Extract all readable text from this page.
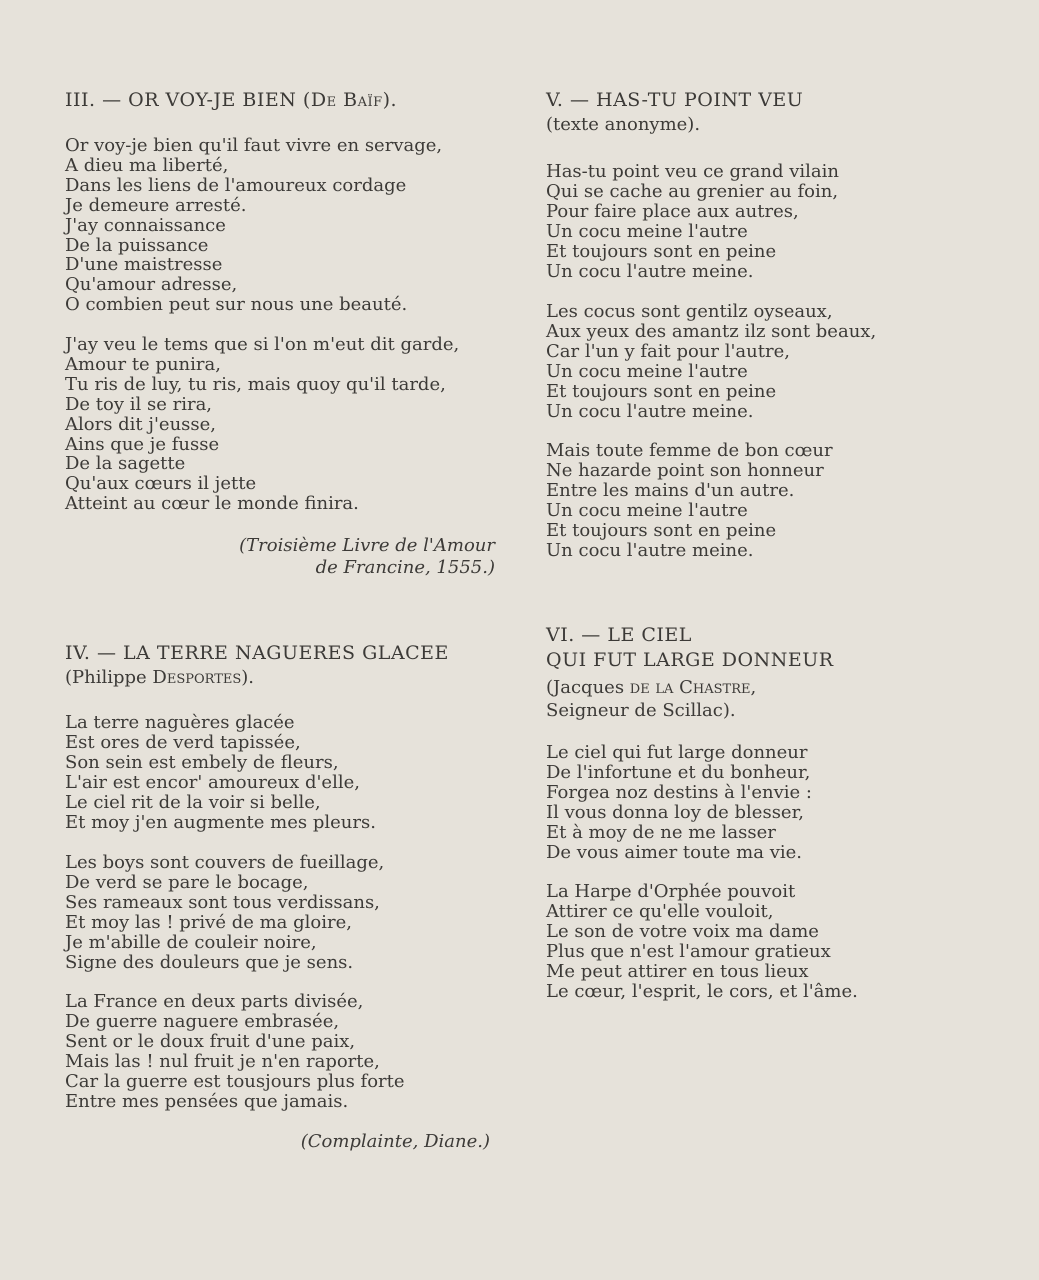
III. — OR VOY-JE BIEN (De Baïf).

Or voy-je bien qu'il faut vivre en servage,
A dieu ma liberté,
Dans les liens de l'amoureux cordage
Je demeure arresté.
J'ay connaissance
De la puissance
D'une maistresse
Qu'amour adresse,
O combien peut sur nous une beauté.
J'ay veu le tems que si l'on m'eut dit garde,
Amour te punira,
Tu ris de luy, tu ris, mais quoy qu'il tarde,
De toy il se rira,
Alors dit j'eusse,
Ains que je fusse
De la sagette
Qu'aux cœurs il jette
Atteint au cœur le monde finira.
(Troisième Livre de l'Amour
de Francine, 1555.)

IV. — LA TERRE NAGUERES GLACEE

(Philippe Desportes).

La terre naguères glacée
Est ores de verd tapissée,
Son sein est embely de fleurs,
L'air est encor' amoureux d'elle,
Le ciel rit de la voir si belle,
Et moy j'en augmente mes pleurs.
Les boys sont couvers de fueillage,
De verd se pare le bocage,
Ses rameaux sont tous verdissans,
Et moy las ! privé de ma gloire,
Je m'abille de couleir noire,
Signe des douleurs que je sens.
La France en deux parts divisée,
De guerre naguere embrasée,
Sent or le doux fruit d'une paix,
Mais las ! nul fruit je n'en raporte,
Car la guerre est tousjours plus forte
Entre mes pensées que jamais.
(Complainte, Diane.)

V. — HAS-TU POINT VEU

(texte anonyme).

Has-tu point veu ce grand vilain
Qui se cache au grenier au foin,
Pour faire place aux autres,
Un cocu meine l'autre
Et toujours sont en peine
Un cocu l'autre meine.
Les cocus sont gentilz oyseaux,
Aux yeux des amantz ilz sont beaux,
Car l'un y fait pour l'autre,
Un cocu meine l'autre
Et toujours sont en peine
Un cocu l'autre meine.
Mais toute femme de bon cœur
Ne hazarde point son honneur
Entre les mains d'un autre.
Un cocu meine l'autre
Et toujours sont en peine
Un cocu l'autre meine.

VI. — LE CIEL

QUI FUT LARGE DONNEUR

(Jacques de la Chastre,

Seigneur de Scillac).

Le ciel qui fut large donneur
De l'infortune et du bonheur,
Forgea noz destins à l'envie :
Il vous donna loy de blesser,
Et à moy de ne me lasser
De vous aimer toute ma vie.
La Harpe d'Orphée pouvoit
Attirer ce qu'elle vouloit,
Le son de votre voix ma dame
Plus que n'est l'amour gratieux
Me peut attirer en tous lieux
Le cœur, l'esprit, le cors, et l'âme.
